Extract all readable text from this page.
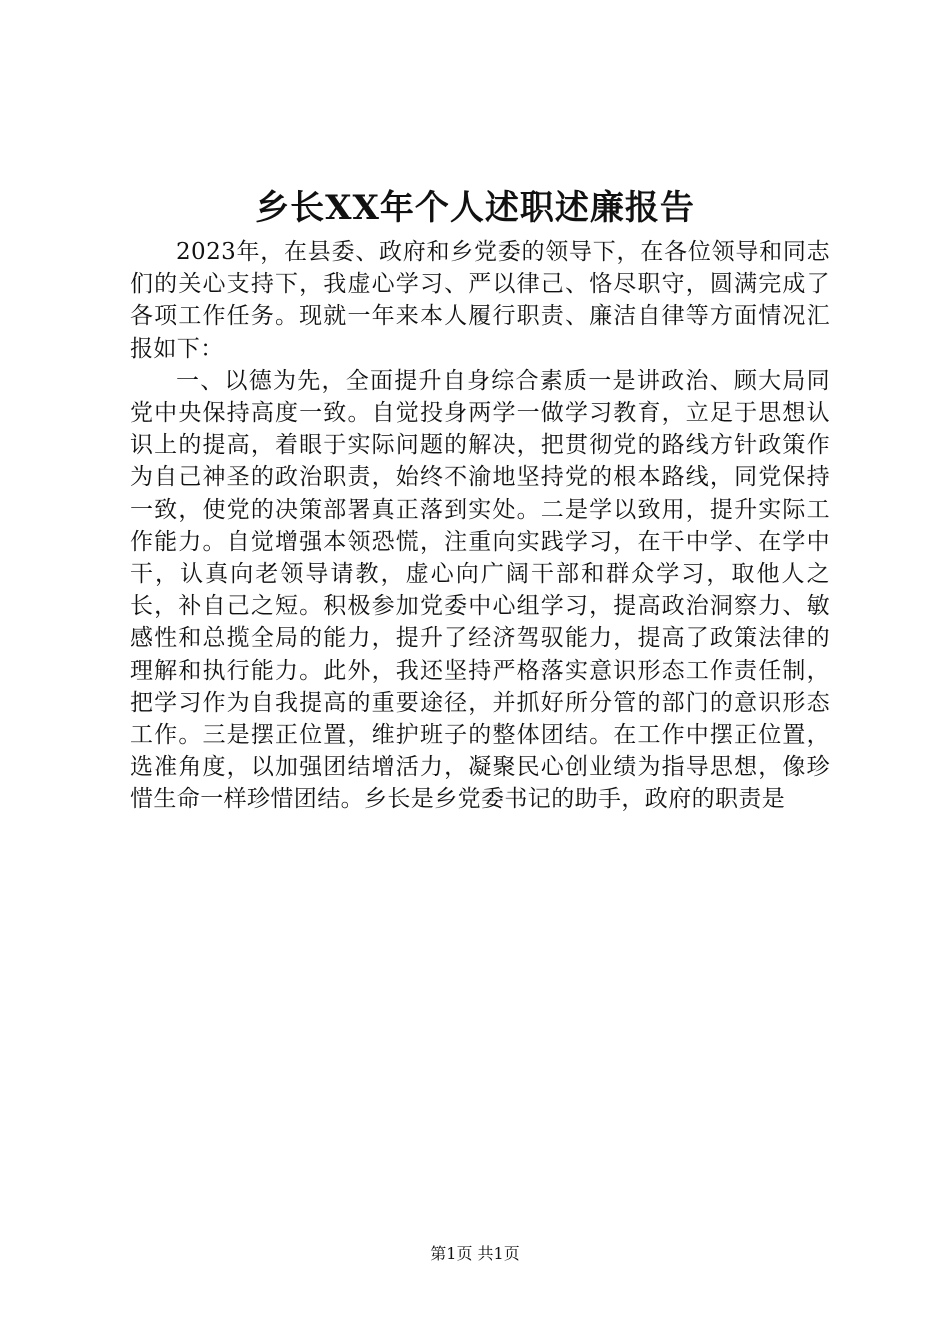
乡长XX年个人述职述廉报告

2023年，在县委、政府和乡党委的领导下，在各位领导和同志们的关心支持下，我虚心学习、严以律己、恪尽职守，圆满完成了各项工作任务。现就一年来本人履行职责、廉洁自律等方面情况汇报如下：

一、以德为先，全面提升自身综合素质一是讲政治、顾大局同党中央保持高度一致。自觉投身两学一做学习教育，立足于思想认识上的提高，着眼于实际问题的解决，把贯彻党的路线方针政策作为自己神圣的政治职责，始终不渝地坚持党的根本路线，同党保持一致，使党的决策部署真正落到实处。二是学以致用，提升实际工作能力。自觉增强本领恐慌，注重向实践学习，在干中学、在学中干，认真向老领导请教，虚心向广阔干部和群众学习，取他人之长，补自己之短。积极参加党委中心组学习，提高政治洞察力、敏感性和总揽全局的能力，提升了经济驾驭能力，提高了政策法律的理解和执行能力。此外，我还坚持严格落实意识形态工作责任制，把学习作为自我提高的重要途径，并抓好所分管的部门的意识形态工作。三是摆正位置，维护班子的整体团结。在工作中摆正位置，选准角度，以加强团结增活力，凝聚民心创业绩为指导思想，像珍惜生命一样珍惜团结。乡长是乡党委书记的助手，政府的职责是

第1页 共1页
